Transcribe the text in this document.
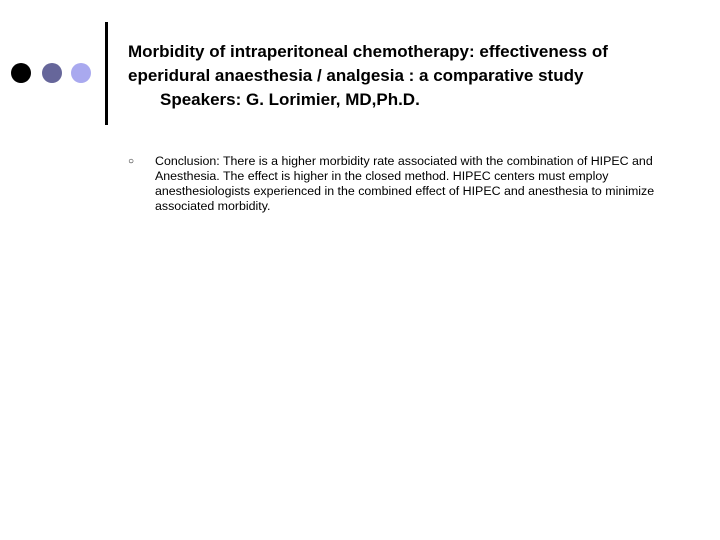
Morbidity of intraperitoneal chemotherapy: effectiveness of
eperidural anaesthesia / analgesia : a comparative study
Speakers: G. Lorimier, MD,Ph.D.
○ Conclusion: There is a higher morbidity rate associated with the combination of HIPEC and Anesthesia. The effect is higher in the closed method. HIPEC centers must employ anesthesiologists experienced in the combined effect of HIPEC and anesthesia to minimize associated morbidity.
